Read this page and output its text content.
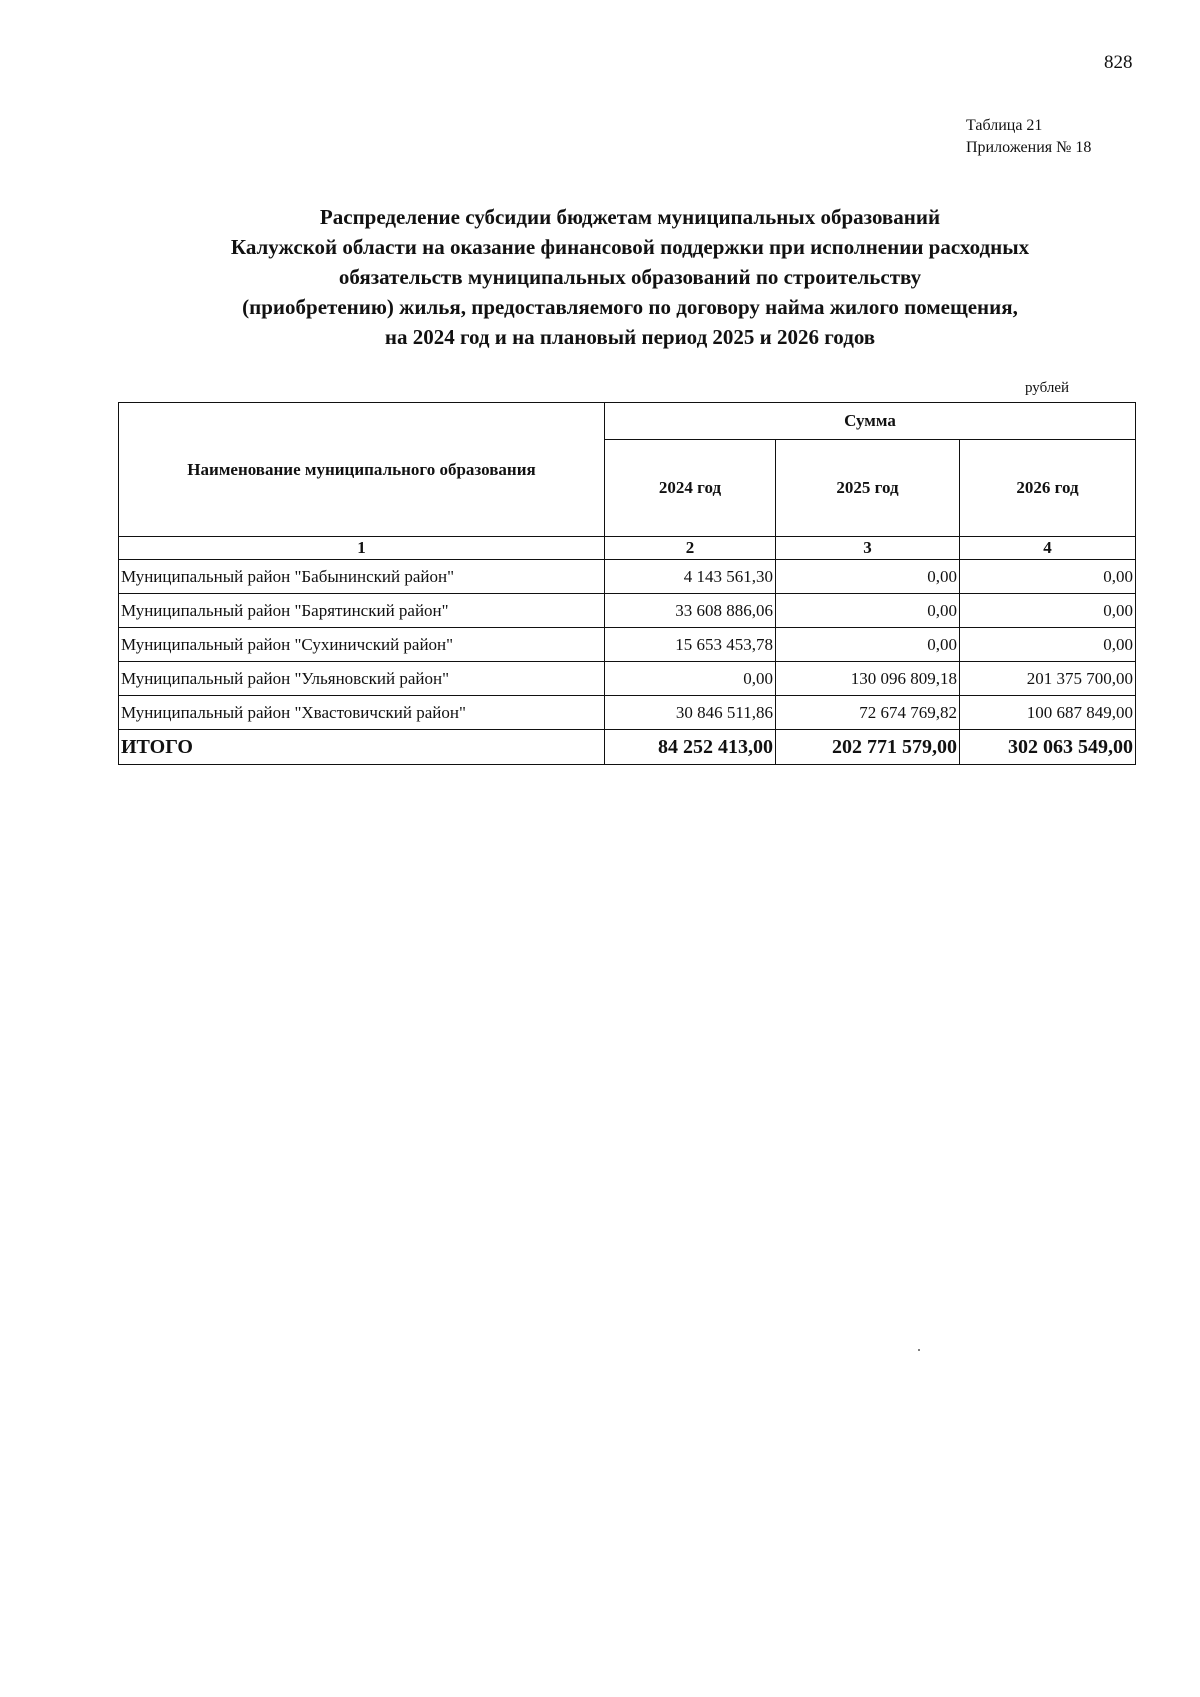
828
Таблица 21
Приложения № 18
Распределение субсидии бюджетам муниципальных образований
Калужской области на оказание финансовой поддержки при исполнении расходных
обязательств муниципальных образований по строительству
(приобретению) жилья, предоставляемого по договору найма жилого помещения,
на 2024 год и на плановый период 2025 и 2026 годов
рублей
Наименование муниципального образования	Сумма		
	2024 год	2025 год	2026 год
1	2	3	4
Муниципальный район "Бабынинский район"	4 143 561,30	0,00	0,00
Муниципальный район "Барятинский район"	33 608 886,06	0,00	0,00
Муниципальный район "Сухиничский район"	15 653 453,78	0,00	0,00
Муниципальный район "Ульяновский район"	0,00	130 096 809,18	201 375 700,00
Муниципальный район "Хвастовичский район"	30 846 511,86	72 674 769,82	100 687 849,00
ИТОГО	84 252 413,00	202 771 579,00	302 063 549,00
